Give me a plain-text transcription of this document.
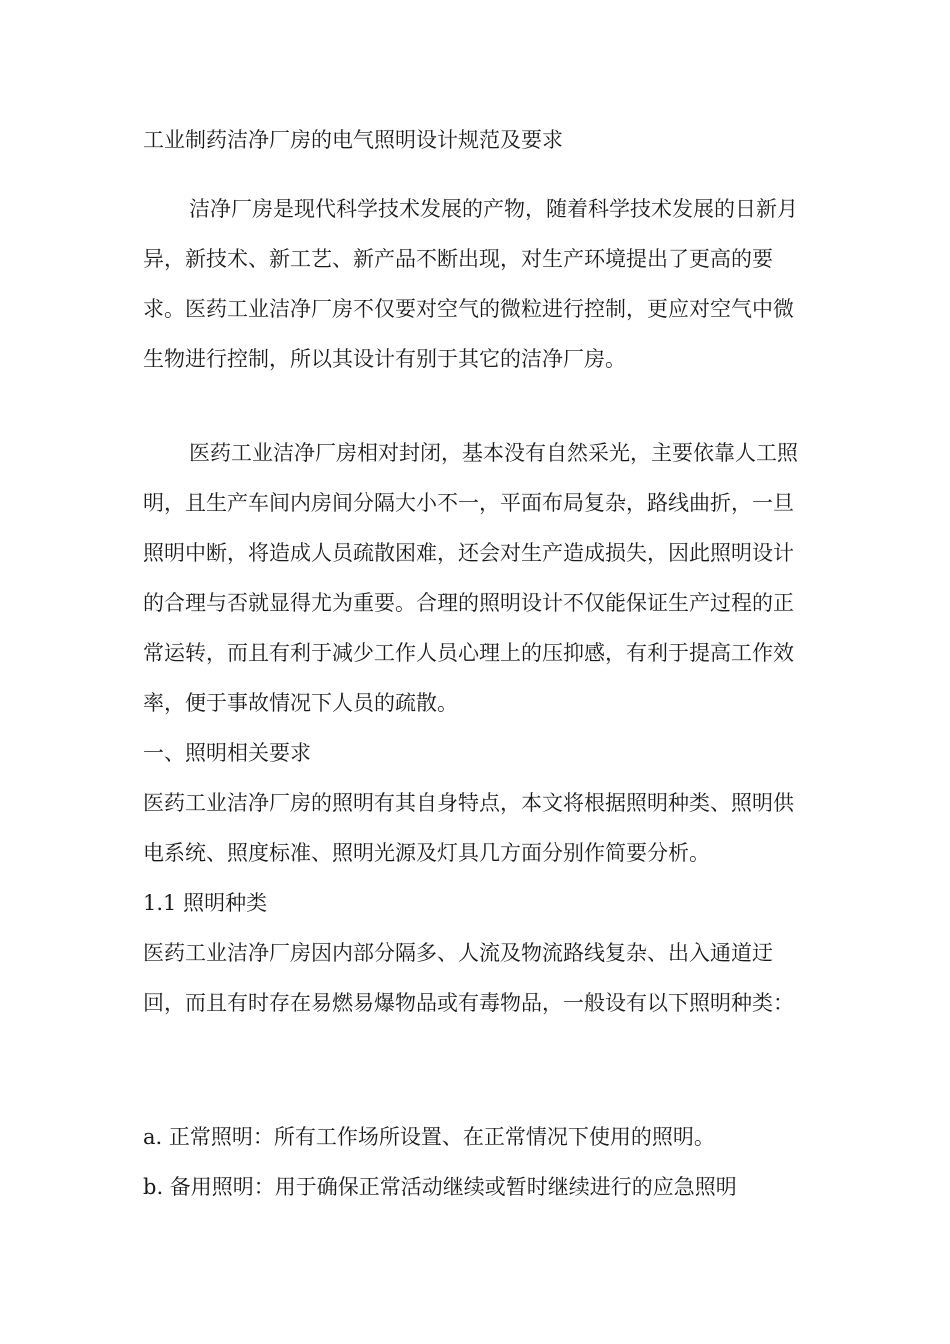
工业制药洁净厂房的电气照明设计规范及要求

洁净厂房是现代科学技术发展的产物，随着科学技术发展的日新月异，新技术、新工艺、新产品不断出现，对生产环境提出了更高的要求。医药工业洁净厂房不仅要对空气的微粒进行控制，更应对空气中微生物进行控制，所以其设计有别于其它的洁净厂房。

医药工业洁净厂房相对封闭，基本没有自然采光，主要依靠人工照明，且生产车间内房间分隔大小不一，平面布局复杂，路线曲折，一旦照明中断，将造成人员疏散困难，还会对生产造成损失，因此照明设计的合理与否就显得尤为重要。合理的照明设计不仅能保证生产过程的正常运转，而且有利于减少工作人员心理上的压抑感，有利于提高工作效率，便于事故情况下人员的疏散。

一、照明相关要求

医药工业洁净厂房的照明有其自身特点，本文将根据照明种类、照明供电系统、照度标准、照明光源及灯具几方面分别作简要分析。

1.1 照明种类

医药工业洁净厂房因内部分隔多、人流及物流路线复杂、出入通道迂回，而且有时存在易燃易爆物品或有毒物品，一般设有以下照明种类：

a. 正常照明：所有工作场所设置、在正常情况下使用的照明。

b. 备用照明：用于确保正常活动继续或暂时继续进行的应急照明
